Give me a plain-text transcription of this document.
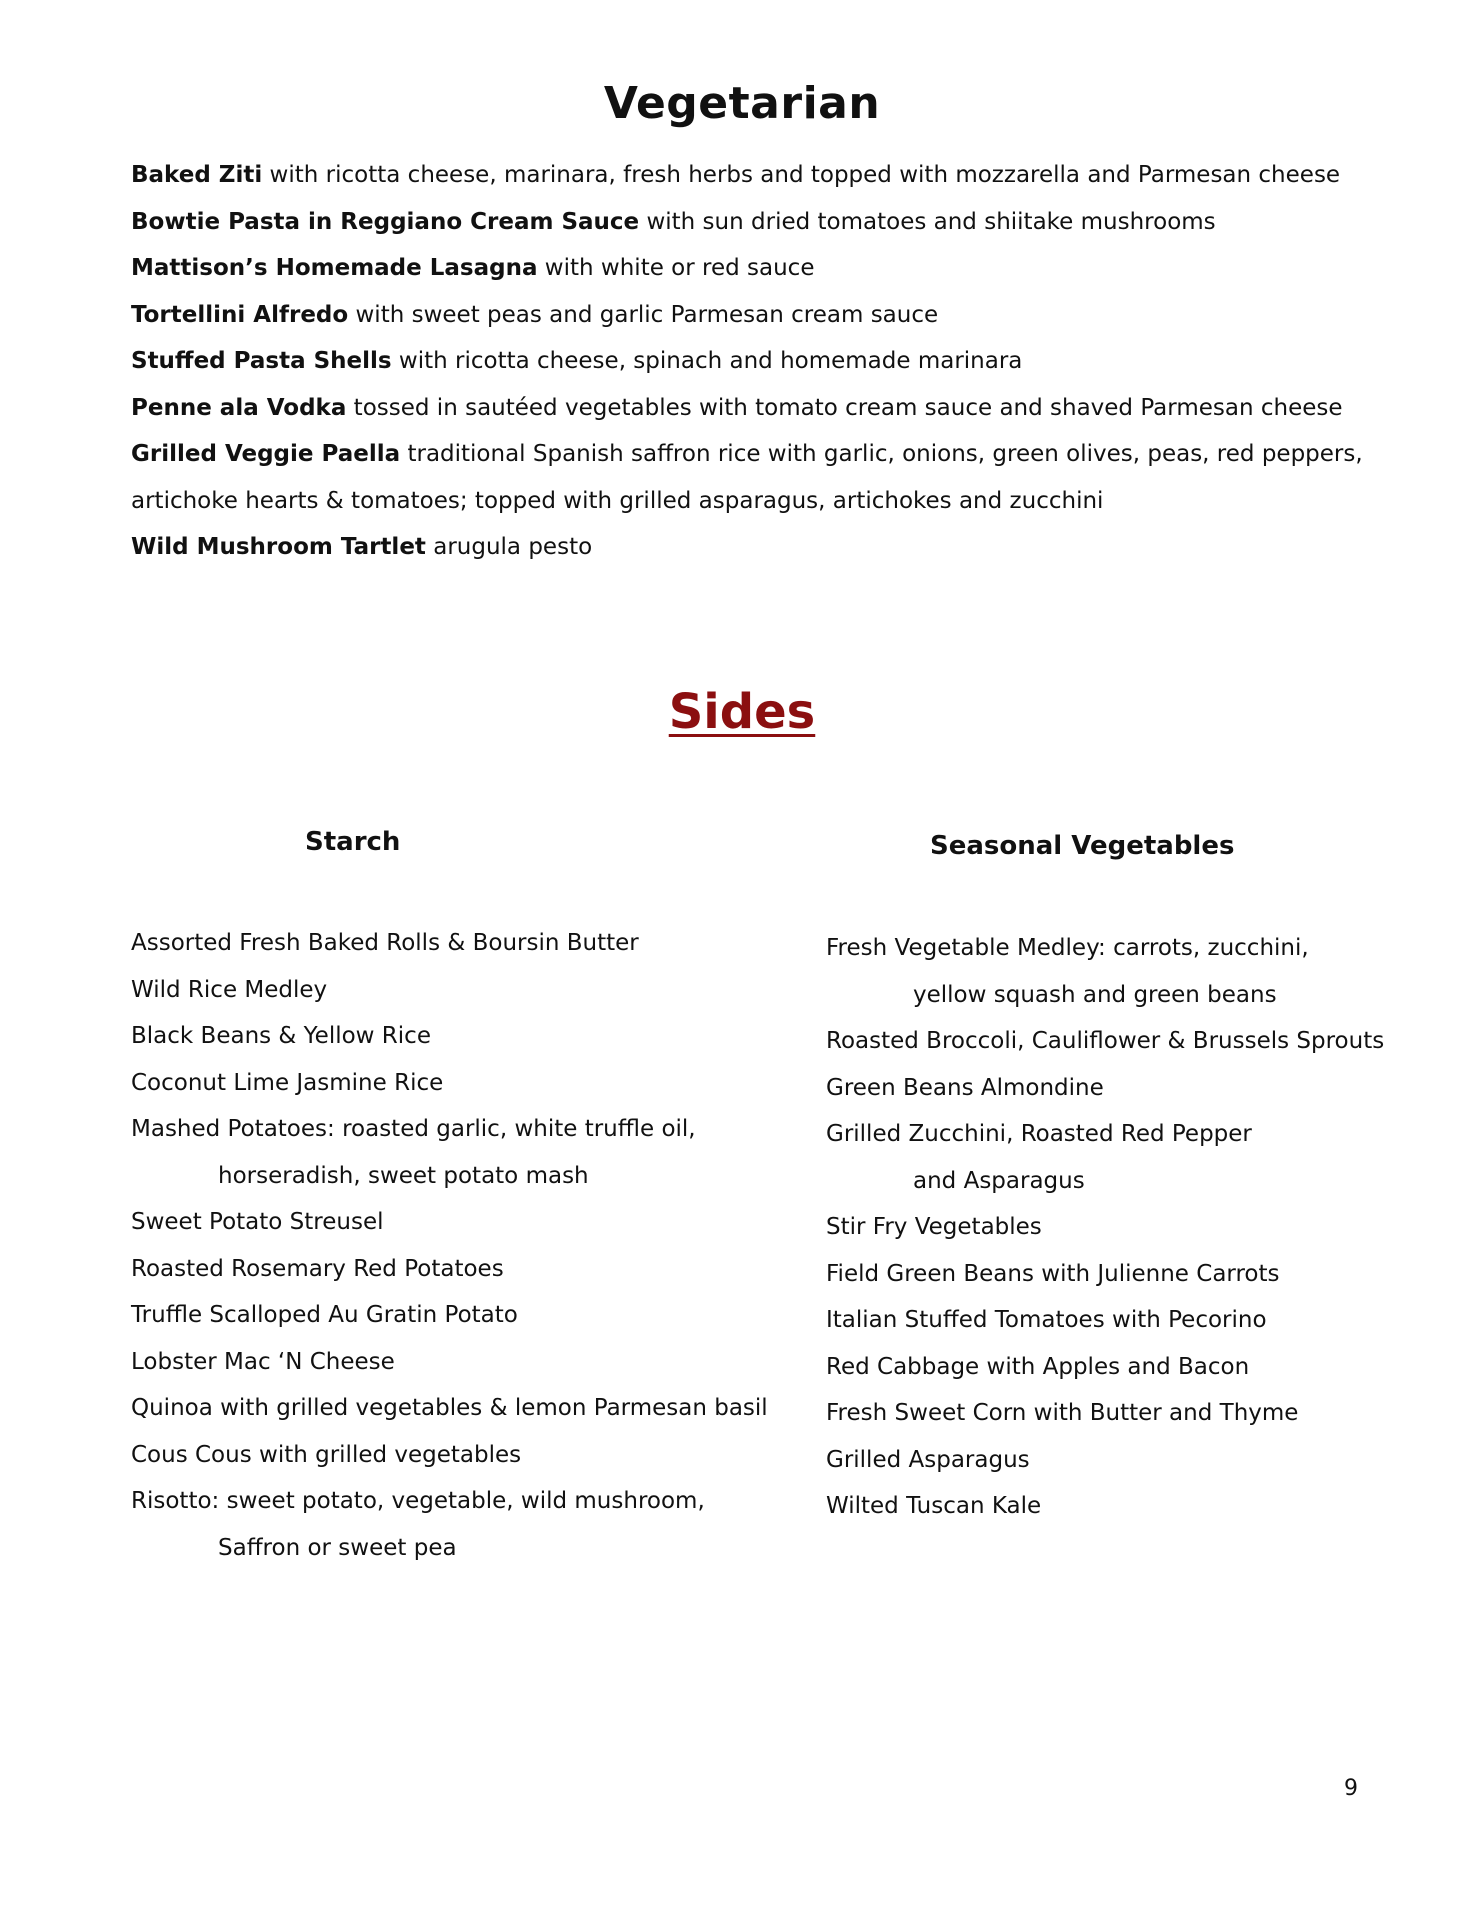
Vegetarian
Baked Ziti with ricotta cheese, marinara, fresh herbs and topped with mozzarella and Parmesan cheese
Bowtie Pasta in Reggiano Cream Sauce with sun dried tomatoes and shiitake mushrooms
Mattison’s Homemade Lasagna with white or red sauce
Tortellini Alfredo with sweet peas and garlic Parmesan cream sauce
Stuffed Pasta Shells with ricotta cheese, spinach and homemade marinara
Penne ala Vodka tossed in sautéed vegetables with tomato cream sauce and shaved Parmesan cheese
Grilled Veggie Paella traditional Spanish saffron rice with garlic, onions, green olives, peas, red peppers,
artichoke hearts & tomatoes; topped with grilled asparagus, artichokes and zucchini
Wild Mushroom Tartlet arugula pesto
Sides
Starch	Seasonal Vegetables
Assorted Fresh Baked Rolls & Boursin Butter
Wild Rice Medley
Black Beans & Yellow Rice
Coconut Lime Jasmine Rice
Mashed Potatoes: roasted garlic, white truffle oil,
horseradish, sweet potato mash
Sweet Potato Streusel
Roasted Rosemary Red Potatoes
Truffle Scalloped Au Gratin Potato
Lobster Mac ‘N Cheese
Quinoa with grilled vegetables & lemon Parmesan basil
Cous Cous with grilled vegetables
Risotto: sweet potato, vegetable, wild mushroom,
Saffron or sweet pea
Fresh Vegetable Medley: carrots, zucchini,
yellow squash and green beans
Roasted Broccoli, Cauliflower & Brussels Sprouts
Green Beans Almondine
Grilled Zucchini, Roasted Red Pepper
and Asparagus
Stir Fry Vegetables
Field Green Beans with Julienne Carrots
Italian Stuffed Tomatoes with Pecorino
Red Cabbage with Apples and Bacon
Fresh Sweet Corn with Butter and Thyme
Grilled Asparagus
Wilted Tuscan Kale
9
